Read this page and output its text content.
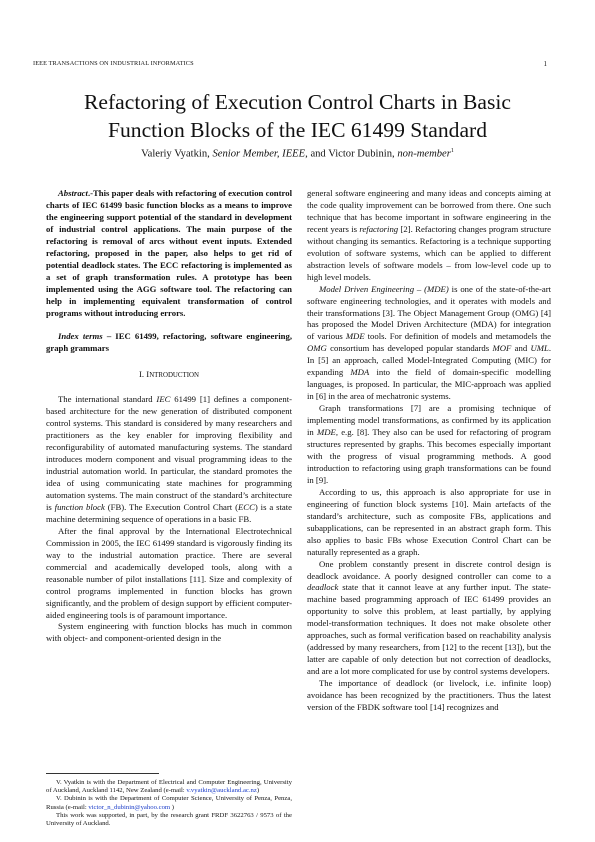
IEEE TRANSACTIONS ON INDUSTRIAL INFORMATICS	1
Refactoring of Execution Control Charts in Basic
Function Blocks of the IEC 61499 Standard
Valeriy Vyatkin, Senior Member, IEEE, and Victor Dubinin, non-member$^1$

Abstract.-This paper deals with refactoring of execution control charts of IEC 61499 basic function blocks as a means to improve the engineering support potential of the standard in development of industrial control applications. The main purpose of the refactoring is removal of arcs without event inputs. Extended refactoring, proposed in the paper, also helps to get rid of potential deadlock states. The ECC refactoring is implemented as a set of graph transformation rules. A prototype has been implemented using the AGG software tool. The refactoring can help in implementing equivalent transformation of control programs without introducing errors.

Index terms – IEC 61499, refactoring, software engineering, graph grammars

I. INTRODUCTION

The international standard IEC 61499 [1] defines a component-based architecture for the new generation of distributed component control systems. This standard is considered by many researchers and practitioners as the key enabler for improving flexibility and reconfigurability of automated manufacturing systems. The standard introduces modern component and visual programming ideas to the industrial automation world. In particular, the standard promotes the idea of using communicating state machines for programming automation systems. The main construct of the standard’s architecture is function block (FB). The Execution Control Chart (ECC) is a state machine determining sequence of operations in a basic FB.

After the final approval by the International Electrotechnical Commission in 2005, the IEC 61499 standard is vigorously finding its way to the industrial automation practice. There are several commercial and academically developed tools, along with a reasonable number of pilot installations [11]. Size and complexity of control programs implemented in function blocks has grown significantly, and the problem of design support by efficient computer-aided engineering tools is of paramount importance.

System engineering with function blocks has much in common with object- and component-oriented design in the

V. Vyatkin is with the Department of Electrical and Computer Engineering, University of Auckland, Auckland 1142, New Zealand (e-mail: v.vyatkin@auckland.ac.nz)

V. Dubinin is with the Department of Computer Science, University of Penza, Penza, Russia (e-mail: victor_n_dubinin@yahoo.com )

This work was supported, in part, by the research grant FRDF 3622763 / 9573 of the University of Auckland.

general software engineering and many ideas and concepts aiming at the code quality improvement can be borrowed from there. One such technique that has become important in software engineering in the recent years is refactoring [2]. Refactoring changes program structure without changing its semantics. Refactoring is a technique supporting evolution of software systems, which can be applied to different abstraction levels of software models – from low-level code up to high level models.

Model Driven Engineering – (MDE) is one of the state-of-the-art software engineering technologies, and it operates with models and their transformations [3]. The Object Management Group (OMG) [4] has proposed the Model Driven Architecture (MDA) for integration of various MDE tools. For definition of models and metamodels the OMG consortium has developed popular standards MOF and UML. In [5] an approach, called Model-Integrated Computing (MIC) for expanding MDA into the field of domain-specific modelling languages, is proposed. In particular, the MIC-approach was applied in [6] in the area of mechatronic systems.

Graph transformations [7] are a promising technique of implementing model transformations, as confirmed by its application in MDE, e.g. [8]. They also can be used for refactoring of program structures represented by graphs. This becomes especially important with the progress of visual programming methods. A good introduction to refactoring using graph transformations can be found in [9].

According to us, this approach is also appropriate for use in engineering of function block systems [10]. Main artefacts of the standard’s architecture, such as composite FBs, applications and subapplications, can be represented in an abstract graph form. This also applies to basic FBs whose Execution Control Chart can be naturally represented as a graph.

One problem constantly present in discrete control design is deadlock avoidance. A poorly designed controller can come to a deadlock state that it cannot leave at any further input. The state-machine based programming approach of IEC 61499 provides an opportunity to solve this problem, at least partially, by applying model-transformation techniques. It does not make obsolete other approaches, such as formal verification based on reachability analysis (addressed by many researchers, from [12] to the recent [13]), but the latter are capable of only detection but not correction of deadlocks, and are a lot more complicated for use by control systems developers.

The importance of deadlock (or livelock, i.e. infinite loop) avoidance has been recognized by the practitioners. Thus the latest version of the FBDK software tool [14] recognizes and
